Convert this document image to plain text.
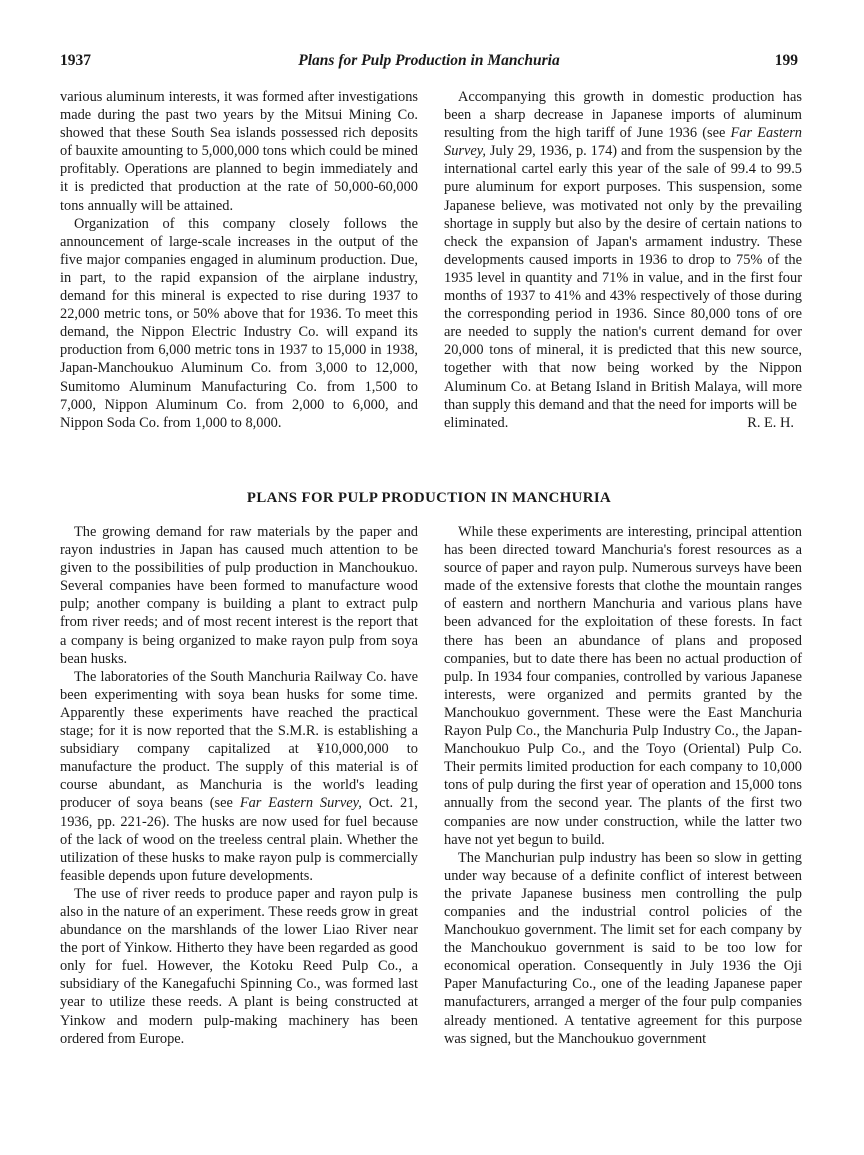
1937	Plans for Pulp Production in Manchuria	199

various aluminum interests, it was formed after investigations made during the past two years by the Mitsui Mining Co. showed that these South Sea islands possessed rich deposits of bauxite amounting to 5,000,000 tons which could be mined profitably. Operations are planned to begin immediately and it is predicted that production at the rate of 50,000-60,000 tons annually will be attained.

Organization of this company closely follows the announcement of large-scale increases in the output of the five major companies engaged in aluminum production. Due, in part, to the rapid expansion of the airplane industry, demand for this mineral is expected to rise during 1937 to 22,000 metric tons, or 50% above that for 1936. To meet this demand, the Nippon Electric Industry Co. will expand its production from 6,000 metric tons in 1937 to 15,000 in 1938, Japan-Manchoukuo Aluminum Co. from 3,000 to 12,000, Sumitomo Aluminum Manufacturing Co. from 1,500 to 7,000, Nippon Aluminum Co. from 2,000 to 6,000, and Nippon Soda Co. from 1,000 to 8,000.

Accompanying this growth in domestic production has been a sharp decrease in Japanese imports of aluminum resulting from the high tariff of June 1936 (see Far Eastern Survey, July 29, 1936, p. 174) and from the suspension by the international cartel early this year of the sale of 99.4 to 99.5 pure aluminum for export purposes. This suspension, some Japanese believe, was motivated not only by the prevailing shortage in supply but also by the desire of certain nations to check the expansion of Japan's armament industry. These developments caused imports in 1936 to drop to 75% of the 1935 level in quantity and 71% in value, and in the first four months of 1937 to 41% and 43% respectively of those during the corresponding period in 1936. Since 80,000 tons of ore are needed to supply the nation's current demand for over 20,000 tons of mineral, it is predicted that this new source, together with that now being worked by the Nippon Aluminum Co. at Betang Island in British Malaya, will more than supply this demand and that the need for imports will be

eliminated.	R. E. H.
PLANS FOR PULP PRODUCTION IN MANCHURIA

The growing demand for raw materials by the paper and rayon industries in Japan has caused much attention to be given to the possibilities of pulp production in Manchoukuo. Several companies have been formed to manufacture wood pulp; another company is building a plant to extract pulp from river reeds; and of most recent interest is the report that a company is being organized to make rayon pulp from soya bean husks.

The laboratories of the South Manchuria Railway Co. have been experimenting with soya bean husks for some time. Apparently these experiments have reached the practical stage; for it is now reported that the S.M.R. is establishing a subsidiary company capitalized at ¥10,000,000 to manufacture the product. The supply of this material is of course abundant, as Manchuria is the world's leading producer of soya beans (see Far Eastern Survey, Oct. 21, 1936, pp. 221-26). The husks are now used for fuel because of the lack of wood on the treeless central plain. Whether the utilization of these husks to make rayon pulp is commercially feasible depends upon future developments.

The use of river reeds to produce paper and rayon pulp is also in the nature of an experiment. These reeds grow in great abundance on the marshlands of the lower Liao River near the port of Yinkow. Hitherto they have been regarded as good only for fuel. However, the Kotoku Reed Pulp Co., a subsidiary of the Kanegafuchi Spinning Co., was formed last year to utilize these reeds. A plant is being constructed at Yinkow and modern pulp-making machinery has been ordered from Europe.

While these experiments are interesting, principal attention has been directed toward Manchuria's forest resources as a source of paper and rayon pulp. Numerous surveys have been made of the extensive forests that clothe the mountain ranges of eastern and northern Manchuria and various plans have been advanced for the exploitation of these forests. In fact there has been an abundance of plans and proposed companies, but to date there has been no actual production of pulp. In 1934 four companies, controlled by various Japanese interests, were organized and permits granted by the Manchoukuo government. These were the East Manchuria Rayon Pulp Co., the Manchuria Pulp Industry Co., the Japan-Manchoukuo Pulp Co., and the Toyo (Oriental) Pulp Co. Their permits limited production for each company to 10,000 tons of pulp during the first year of operation and 15,000 tons annually from the second year. The plants of the first two companies are now under construction, while the latter two have not yet begun to build.

The Manchurian pulp industry has been so slow in getting under way because of a definite conflict of interest between the private Japanese business men controlling the pulp companies and the industrial control policies of the Manchoukuo government. The limit set for each company by the Manchoukuo government is said to be too low for economical operation. Consequently in July 1936 the Oji Paper Manufacturing Co., one of the leading Japanese paper manufacturers, arranged a merger of the four pulp companies already mentioned. A tentative agreement for this purpose was signed, but the Manchoukuo government
